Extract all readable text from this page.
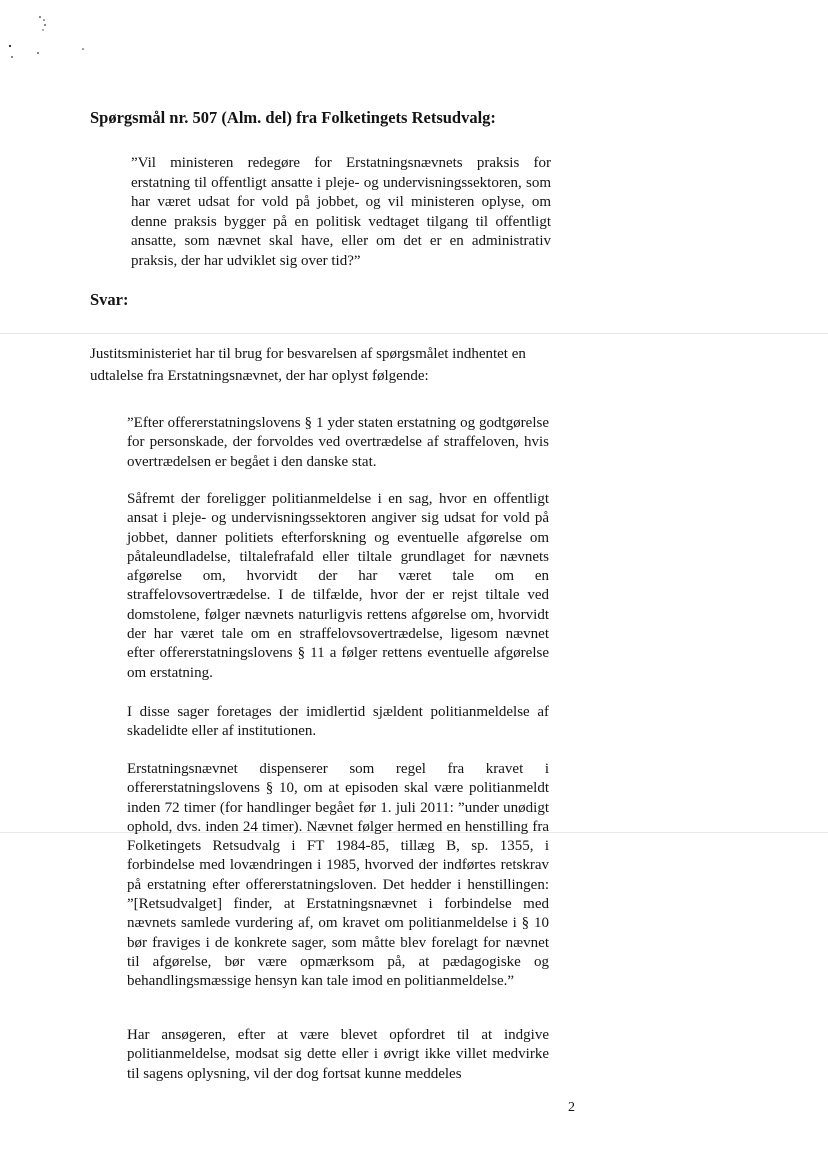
Spørgsmål nr. 507 (Alm. del) fra Folketingets Retsudvalg:

”Vil ministeren redegøre for Erstatningsnævnets praksis for erstatning til offentligt ansatte i pleje- og undervisningssektoren, som har været udsat for vold på jobbet, og vil ministeren oplyse, om denne praksis bygger på en politisk vedtaget tilgang til offentligt ansatte, som nævnet skal have, eller om det er en administrativ praksis, der har udviklet sig over tid?”

Svar:
Justitsministeriet har til brug for besvarelsen af spørgsmålet indhentet en
udtalelse fra Erstatningsnævnet, der har oplyst følgende:

”Efter offererstatningslovens § 1 yder staten erstatning og godtgørelse for personskade, der forvoldes ved overtrædelse af straffeloven, hvis overtrædelsen er begået i den danske stat.

Såfremt der foreligger politianmeldelse i en sag, hvor en offentligt ansat i pleje- og undervisningssektoren angiver sig udsat for vold på jobbet, danner politiets efterforskning og eventuelle afgørelse om påtaleundladelse, tiltalefrafald eller tiltale grundlaget for nævnets afgørelse om, hvorvidt der har været tale om en straffelovsovertrædelse. I de tilfælde, hvor der er rejst tiltale ved domstolene, følger nævnets naturligvis rettens afgørelse om, hvorvidt der har været tale om en straffelovsovertrædelse, ligesom nævnet efter offererstatningslovens § 11 a følger rettens eventuelle afgørelse om erstatning.

I disse sager foretages der imidlertid sjældent politianmeldelse af skadelidte eller af institutionen.

Erstatningsnævnet dispenserer som regel fra kravet i offererstatningslovens § 10, om at episoden skal være politianmeldt inden 72 timer (for handlinger begået før 1. juli 2011: ”under unødigt ophold, dvs. inden 24 timer). Nævnet følger hermed en henstilling fra Folketingets Retsudvalg i FT 1984-85, tillæg B, sp. 1355, i forbindelse med lovændringen i 1985, hvorved der indførtes retskrav på erstatning efter offererstatningsloven. Det hedder i henstillingen: ”[Retsudvalget] finder, at Erstatningsnævnet i forbindelse med nævnets samlede vurdering af, om kravet om politianmeldelse i § 10 bør fraviges i de konkrete sager, som måtte blev forelagt for nævnet til afgørelse, bør være opmærksom på, at pædagogiske og behandlingsmæssige hensyn kan tale imod en politianmeldelse.”

Har ansøgeren, efter at være blevet opfordret til at indgive politianmeldelse, modsat sig dette eller i øvrigt ikke villet medvirke til sagens oplysning, vil der dog fortsat kunne meddeles

2
